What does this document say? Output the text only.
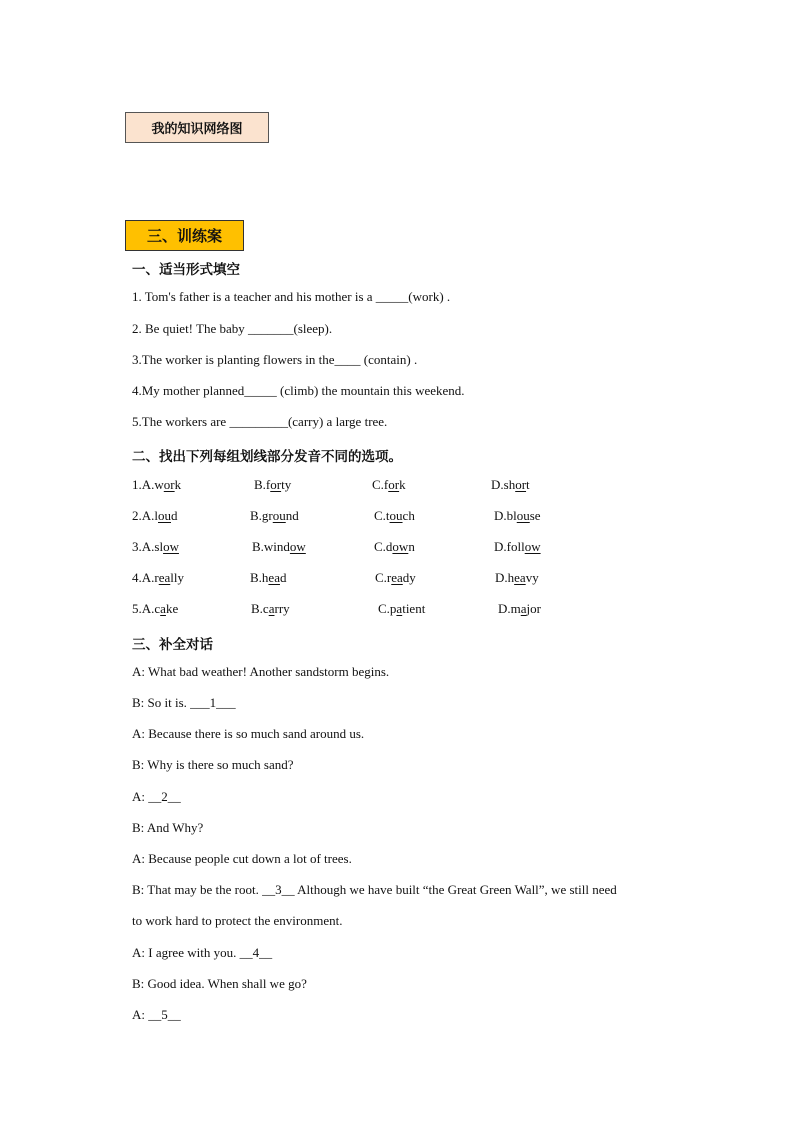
我的知识网络图
三、训练案
一、适当形式填空
1. Tom's father is a teacher and his mother is a _____(work) .
2. Be quiet! The baby _______(sleep).
3.The worker is planting flowers in the____ (contain) .
4.My mother planned_____ (climb) the mountain this weekend.
5.The workers are _________(carry) a large tree.
二、找出下列每组划线部分发音不同的选项。
1.A.work	B.forty	C.fork	D.short
2.A.loud	B.ground	C.touch	D.blouse
3.A.slow	B.window	C.down	D.follow
4.A.really	B.head	C.ready	D.heavy
5.A.cake	B.carry	C.patient	D.major
三、补全对话
A: What bad weather! Another sandstorm begins.
B: So it is. ___1___
A: Because there is so much sand around us.
B: Why is there so much sand?
A: __2__
B: And Why?
A: Because people cut down a lot of trees.
B: That may be the root. __3__ Although we have built “the Great Green Wall”, we still need
to work hard to protect the environment.
A: I agree with you. __4__
B: Good idea. When shall we go?
A: __5__
